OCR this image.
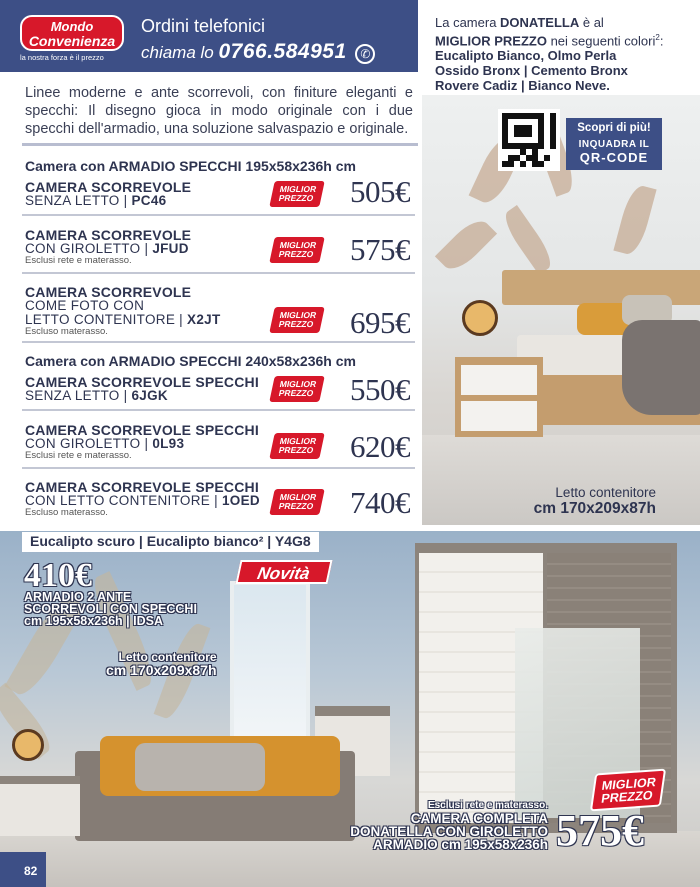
Mondo
Convenienza
la nostra forza è il prezzo
Ordini telefonici
chiama lo 0766.584951 ✆
Linee moderne e ante scorrevoli, con finiture eleganti e specchi: Il disegno gioca in modo originale con i due specchi dell'armadio, una soluzione salvaspazio e originale.
La camera DONATELLA è al
MIGLIOR PREZZO nei seguenti colori$^2$:
Eucalipto Bianco, Olmo Perla
Ossido Bronx | Cemento Bronx
Rovere Cadiz | Bianco Neve.
Scopri di più!
INQUADRA IL
QR-CODE
Letto contenitore
cm 170x209x87h
Camera con ARMADIO SPECCHI 195x58x236h cm
CAMERA SCORREVOLE
SENZA LETTO | PC46
MIGLIOR
PREZZO	505€
CAMERA SCORREVOLE
CON GIROLETTO | JFUD
Esclusi rete e materasso.
MIGLIOR
PREZZO	575€
CAMERA SCORREVOLE
COME FOTO CON
LETTO CONTENITORE | X2JT
Escluso materasso.
MIGLIOR
PREZZO	695€
Camera con ARMADIO SPECCHI 240x58x236h cm
CAMERA SCORREVOLE SPECCHI
SENZA LETTO | 6JGK
MIGLIOR
PREZZO	550€
CAMERA SCORREVOLE SPECCHI
CON GIROLETTO | 0L93
Esclusi rete e materasso.
MIGLIOR
PREZZO	620€
CAMERA SCORREVOLE SPECCHI
CON LETTO CONTENITORE | 1OED
Escluso materasso.
MIGLIOR
PREZZO	740€
Eucalipto scuro | Eucalipto bianco² | Y4G8
Novità
410€
ARMADIO 2 ANTE
SCORREVOLI CON SPECCHI
cm 195x58x236h | IDSA
Letto contenitore
cm 170x209x87h
MIGLIOR
PREZZO
Esclusi rete e materasso.
CAMERA COMPLETA
DONATELLA CON GIROLETTO
ARMADIO cm 195x58x236h 575€
82
